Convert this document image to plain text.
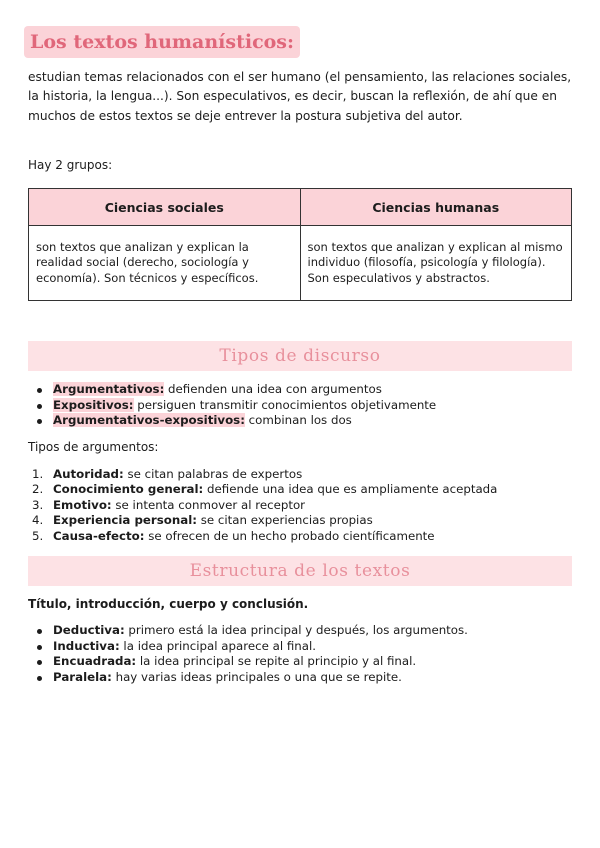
Los textos humanísticos:

estudian temas relacionados con el ser humano (el pensamiento, las relaciones sociales, la historia, la lengua...). Son especulativos, es decir, buscan la reflexión, de ahí que en muchos de estos textos se deje entrever la postura subjetiva del autor.

Hay 2 grupos:
Ciencias sociales	Ciencias humanas
son textos que analizan y explican la realidad social (derecho, sociología y economía). Son técnicos y específicos.	son textos que analizan y explican al mismo individuo (filosofía, psicología y filología). Son especulativos y abstractos.
Tipos de discurso
Argumentativos: defienden una idea con argumentos
Expositivos: persiguen transmitir conocimientos objetivamente
Argumentativos-expositivos: combinan los dos
Tipos de argumentos:
1. Autoridad: se citan palabras de expertos
2. Conocimiento general: defiende una idea que es ampliamente aceptada
3. Emotivo: se intenta conmover al receptor
4. Experiencia personal: se citan experiencias propias
5. Causa-efecto: se ofrecen de un hecho probado científicamente
Estructura de los textos
Título, introducción, cuerpo y conclusión.
Deductiva: primero está la idea principal y después, los argumentos.
Inductiva: la idea principal aparece al final.
Encuadrada: la idea principal se repite al principio y al final.
Paralela: hay varias ideas principales o una que se repite.
